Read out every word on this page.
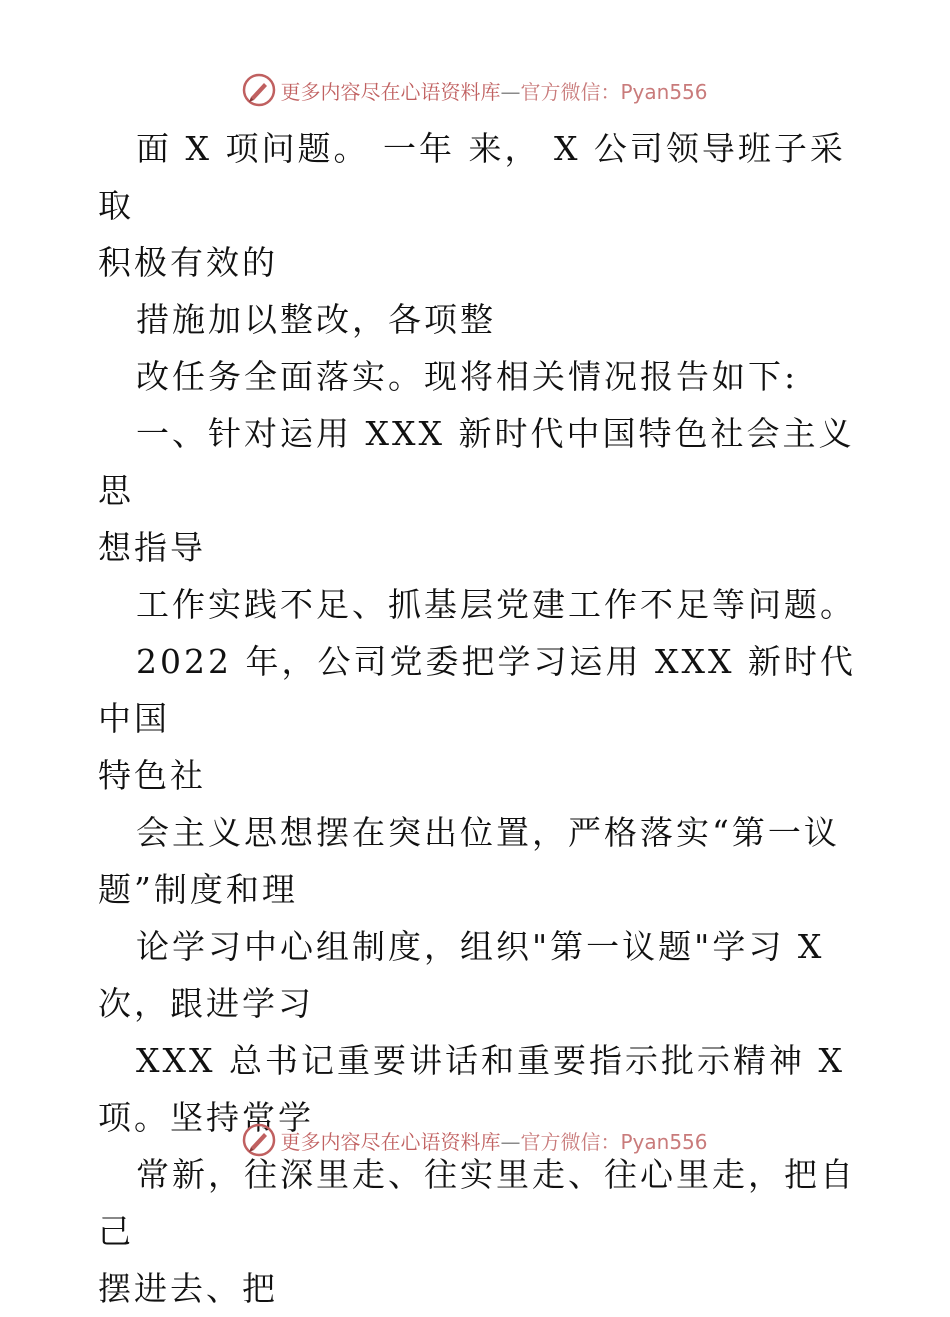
更多内容尽在心语资料库—官方微信：Pyan556

面 X 项问题。 一年 来， X 公司领导班子采取
积极有效的

措施加以整改，各项整

改任务全面落实。现将相关情况报告如下:

一、针对运用 XXX 新时代中国特色社会主义思
想指导

工作实践不足、抓基层党建工作不足等问题。

2022 年，公司党委把学习运用 XXX 新时代中国
特色社

会主义思想摆在突出位置，严格落实“第一议
题”制度和理

论学习中心组制度，组织"第一议题"学习 X
次，跟进学习

XXX 总书记重要讲话和重要指示批示精神 X
项。坚持常学

常新，往深里走、往实里走、往心里走，把自己
摆进去、把

更多内容尽在心语资料库—官方微信：Pyan556
